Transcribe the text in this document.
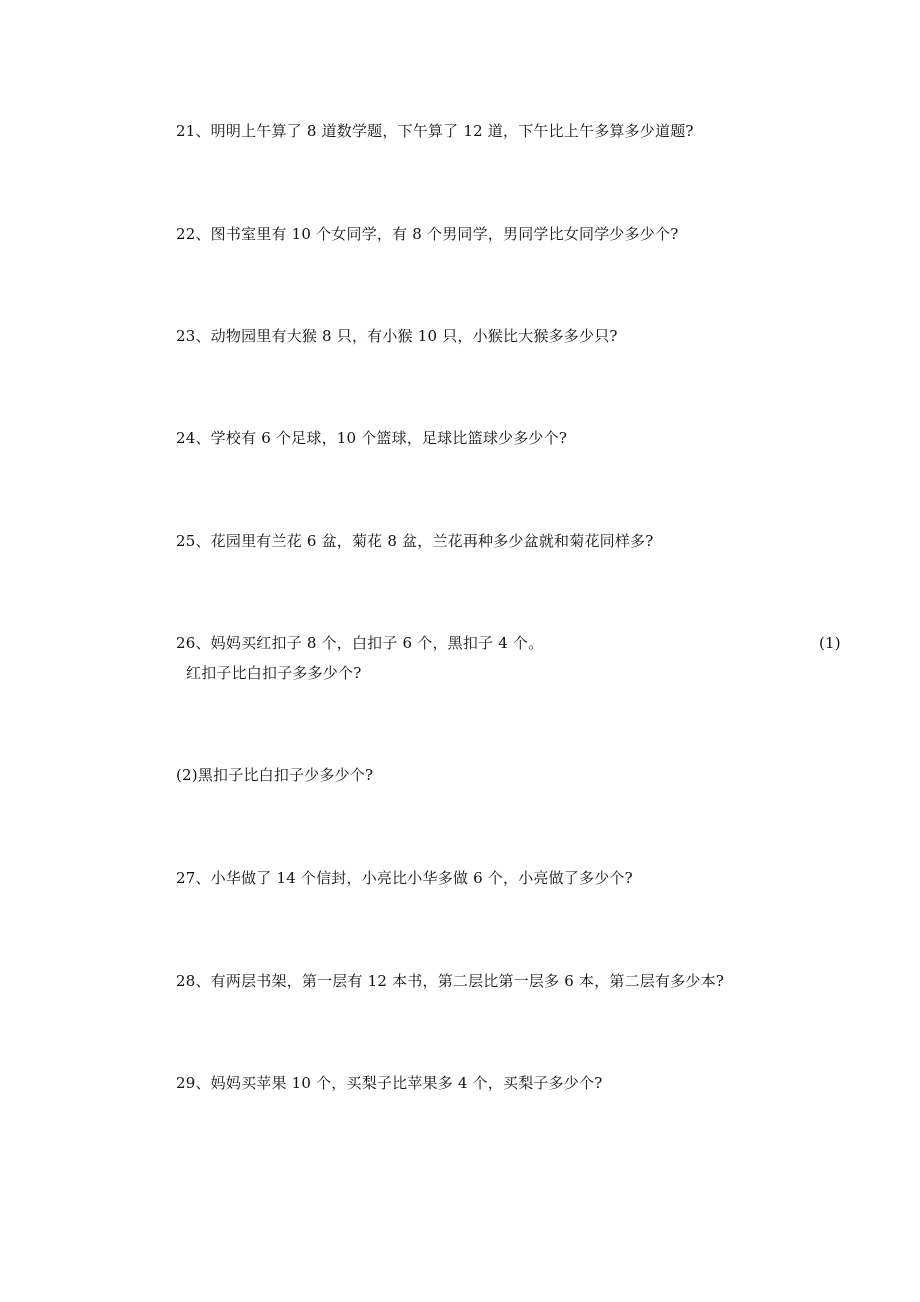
21、明明上午算了 8 道数学题，下午算了 12 道，下午比上午多算多少道题?
22、图书室里有 10 个女同学，有 8 个男同学，男同学比女同学少多少个?
23、动物园里有大猴 8 只，有小猴 10 只，小猴比大猴多多少只?
24、学校有 6 个足球，10 个篮球，足球比篮球少多少个?
25、花园里有兰花 6 盆，菊花 8 盆，兰花再种多少盆就和菊花同样多?
26、妈妈买红扣子 8 个，白扣子 6 个，黑扣子 4 个。	(1)
红扣子比白扣子多多少个?
(2)黑扣子比白扣子少多少个?
27、小华做了 14 个信封，小亮比小华多做 6 个，小亮做了多少个?
28、有两层书架，第一层有 12 本书，第二层比第一层多 6 本，第二层有多少本?
29、妈妈买苹果 10 个，买梨子比苹果多 4 个，买梨子多少个?
